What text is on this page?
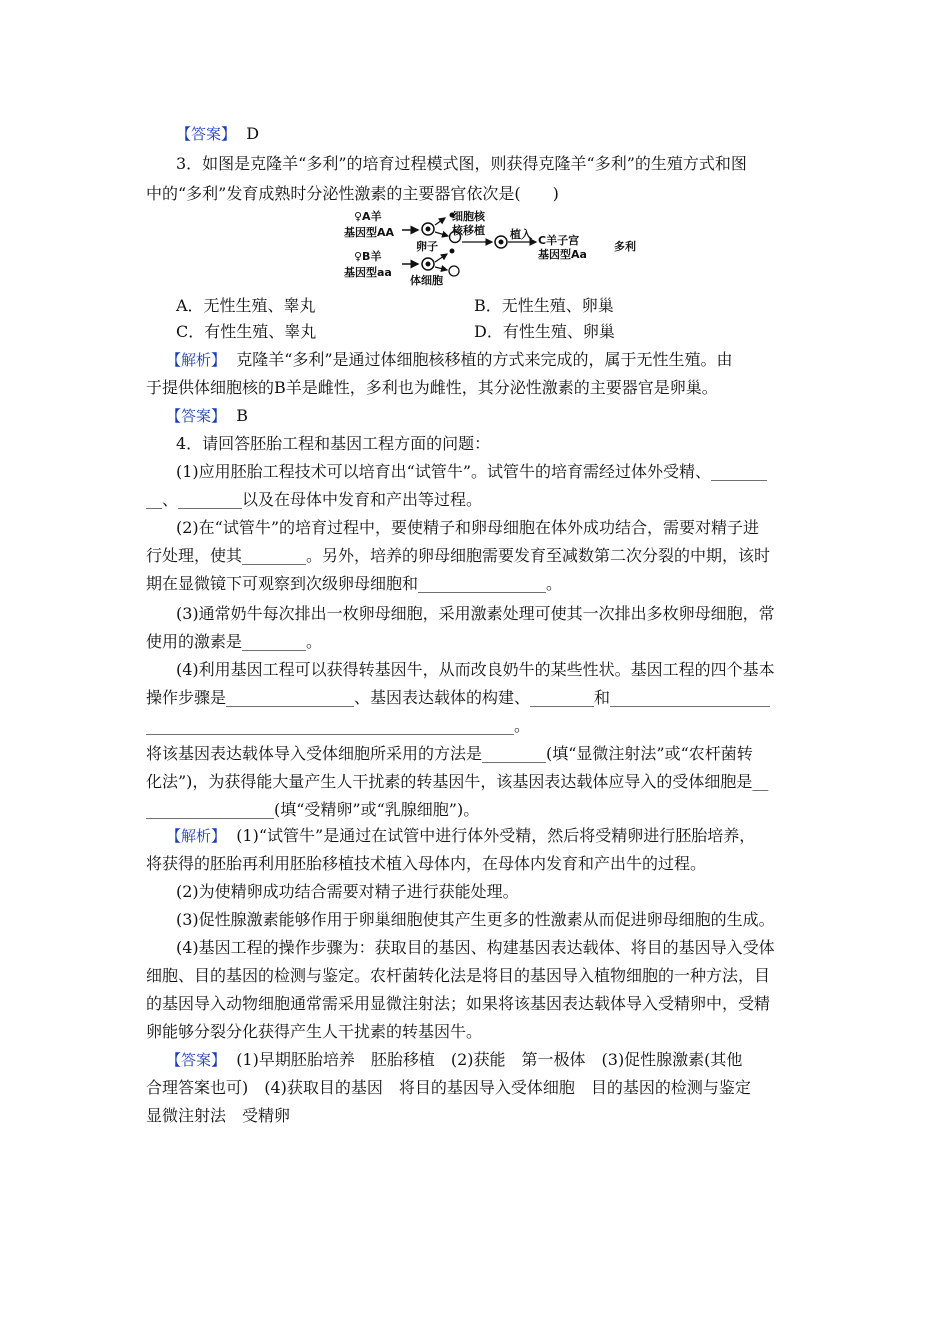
【答案】 D
3．如图是克隆羊“多利”的培育过程模式图，则获得克隆羊“多利”的生殖方式和图
中的“多利”发育成熟时分泌性激素的主要器官依次是(　　)
♀A羊
基因型AA
卵子
细胞核
核移植 植入 C羊子宫
基因型Aa
多利
♀B羊
基因型aa
体细胞
A．无性生殖、睾丸	B．无性生殖、卵巢
C．有性生殖、睾丸	D．有性生殖、卵巢
【解析】 克隆羊“多利”是通过体细胞核移植的方式来完成的，属于无性生殖。由
于提供体细胞核的B羊是雌性，多利也为雌性，其分泌性激素的主要器官是卵巢。
【答案】 B
4．请回答胚胎工程和基因工程方面的问题：
(1)应用胚胎工程技术可以培育出“试管牛”。试管牛的培育需经过体外受精、_______
__、________以及在母体中发育和产出等过程。
(2)在“试管牛”的培育过程中，要使精子和卵母细胞在体外成功结合，需要对精子进
行处理，使其________。另外，培养的卵母细胞需要发育至减数第二次分裂的中期，该时
期在显微镜下可观察到次级卵母细胞和________________。
(3)通常奶牛每次排出一枚卵母细胞，采用激素处理可使其一次排出多枚卵母细胞，常
使用的激素是________。
(4)利用基因工程可以获得转基因牛，从而改良奶牛的某些性状。基因工程的四个基本
操作步骤是________________、基因表达载体的构建、________和____________________
______________________________________________。
将该基因表达载体导入受体细胞所采用的方法是________(填“显微注射法”或“农杆菌转
化法”)，为获得能大量产生人干扰素的转基因牛，该基因表达载体应导入的受体细胞是__
________________(填“受精卵”或“乳腺细胞”)。
【解析】 (1)“试管牛”是通过在试管中进行体外受精，然后将受精卵进行胚胎培养，
将获得的胚胎再利用胚胎移植技术植入母体内，在母体内发育和产出牛的过程。
(2)为使精卵成功结合需要对精子进行获能处理。
(3)促性腺激素能够作用于卵巢细胞使其产生更多的性激素从而促进卵母细胞的生成。
(4)基因工程的操作步骤为：获取目的基因、构建基因表达载体、将目的基因导入受体
细胞、目的基因的检测与鉴定。农杆菌转化法是将目的基因导入植物细胞的一种方法，目
的基因导入动物细胞通常需采用显微注射法；如果将该基因表达载体导入受精卵中，受精
卵能够分裂分化获得产生人干扰素的转基因牛。
【答案】 (1)早期胚胎培养　胚胎移植　(2)获能　第一极体　(3)促性腺激素(其他
合理答案也可)　(4)获取目的基因　将目的基因导入受体细胞　目的基因的检测与鉴定
显微注射法　受精卵
